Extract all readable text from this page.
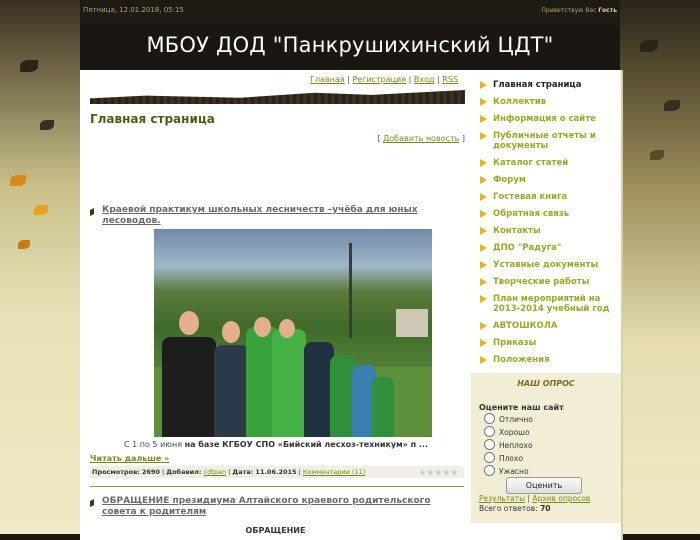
Пятница, 12.01.2018, 05:15	Приветствую Вас Гость
МБОУ ДОД "Панкрушихинский ЦДТ"
Главная | Регистрация | Вход | RSS
Главная страница
[ Добавить новость ]
Краевой практикум школьных лесничеств –учёба для юных лесоводов.
С 1 по 5 июня на базе КГБОУ СПО «Бийский лесхоз-техникум» п ... Читать дальше »
Просмотров: 2690 | Добавил: cdtpan | Дата: 11.06.2015 | Комментарии (11)
ОБРАЩЕНИЕ президиума Алтайского краевого родительского совета к родителям
ОБРАЩЕНИЕ
Главная страница
Коллектив
Информация о сайте
Публичные отчеты и документы
Каталог статей
Форум
Гостевая книга
Обратная связь
Контакты
ДПО "Радуга"
Уставные документы
Творческие работы
План мероприятий на 2013-2014 учебный год
АВТОШКОЛА
Приказы
Положения
НАШ ОПРОС
Оцените наш сайт
Отлично
Хорошо
Неплохо
Плохо
Ужасно
Оценить
Результаты | Архив опросов
Всего ответов: 70
